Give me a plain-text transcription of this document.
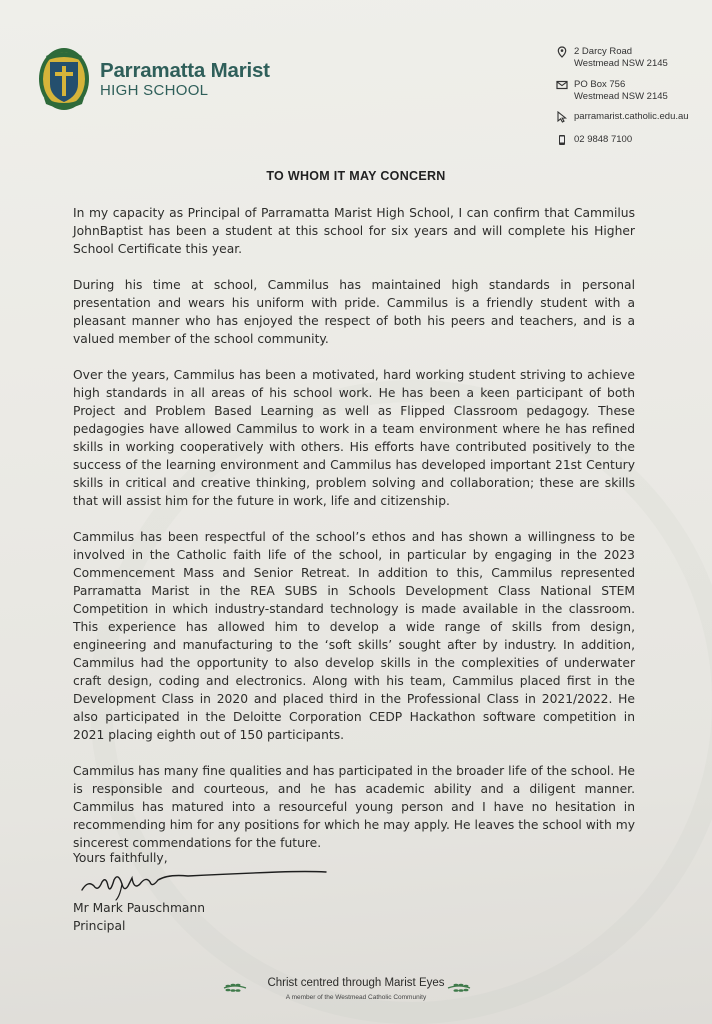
Parramatta Marist
HIGH SCHOOL
2 Darcy Road
Westmead NSW 2145
PO Box 756
Westmead NSW 2145
parramarist.catholic.edu.au
02 9848 7100
TO WHOM IT MAY CONCERN

In my capacity as Principal of Parramatta Marist High School, I can confirm that Cammilus JohnBaptist has been a student at this school for six years and will complete his Higher School Certificate this year.

During his time at school, Cammilus has maintained high standards in personal presentation and wears his uniform with pride. Cammilus is a friendly student with a pleasant manner who has enjoyed the respect of both his peers and teachers, and is a valued member of the school community.

Over the years, Cammilus has been a motivated, hard working student striving to achieve high standards in all areas of his school work. He has been a keen participant of both Project and Problem Based Learning as well as Flipped Classroom pedagogy. These pedagogies have allowed Cammilus to work in a team environment where he has refined skills in working cooperatively with others. His efforts have contributed positively to the success of the learning environment and Cammilus has developed important 21st Century skills in critical and creative thinking, problem solving and collaboration; these are skills that will assist him for the future in work, life and citizenship.

Cammilus has been respectful of the school’s ethos and has shown a willingness to be involved in the Catholic faith life of the school, in particular by engaging in the 2023 Commencement Mass and Senior Retreat. In addition to this, Cammilus represented Parramatta Marist in the REA SUBS in Schools Development Class National STEM Competition in which industry-standard technology is made available in the classroom. This experience has allowed him to develop a wide range of skills from design, engineering and manufacturing to the ‘soft skills’ sought after by industry. In addition, Cammilus had the opportunity to also develop skills in the complexities of underwater craft design, coding and electronics. Along with his team, Cammilus placed first in the Development Class in 2020 and placed third in the Professional Class in 2021/2022. He also participated in the Deloitte Corporation CEDP Hackathon software competition in 2021 placing eighth out of 150 participants.

Cammilus has many fine qualities and has participated in the broader life of the school. He is responsible and courteous, and he has academic ability and a diligent manner. Cammilus has matured into a resourceful young person and I have no hesitation in recommending him for any positions for which he may apply. He leaves the school with my sincerest commendations for the future.

Yours faithfully,
Mr Mark Pauschmann
Principal
Christ centred through Marist Eyes
A member of the Westmead Catholic Community
